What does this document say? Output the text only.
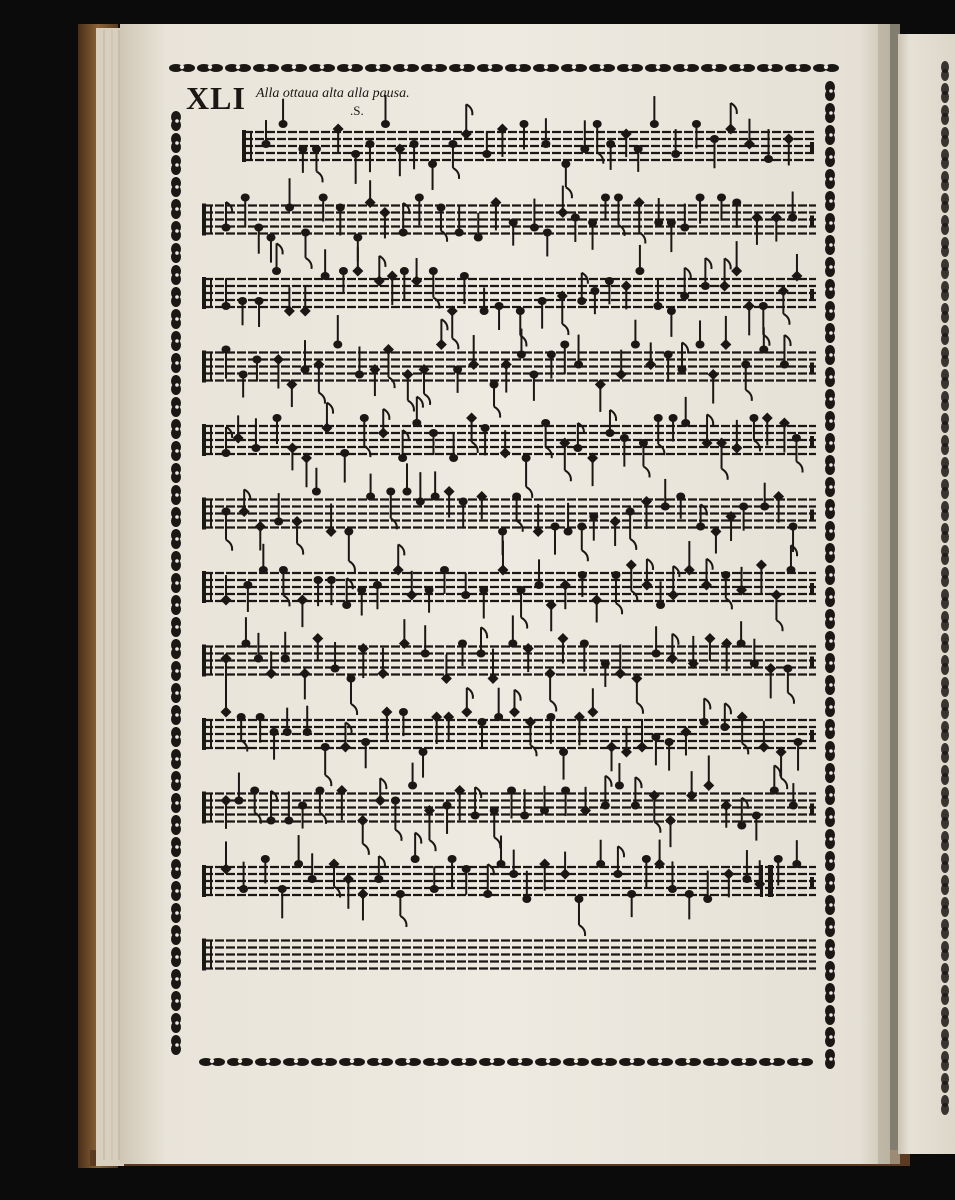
XLI Alla ottaua alta alla pausa.
.S.
